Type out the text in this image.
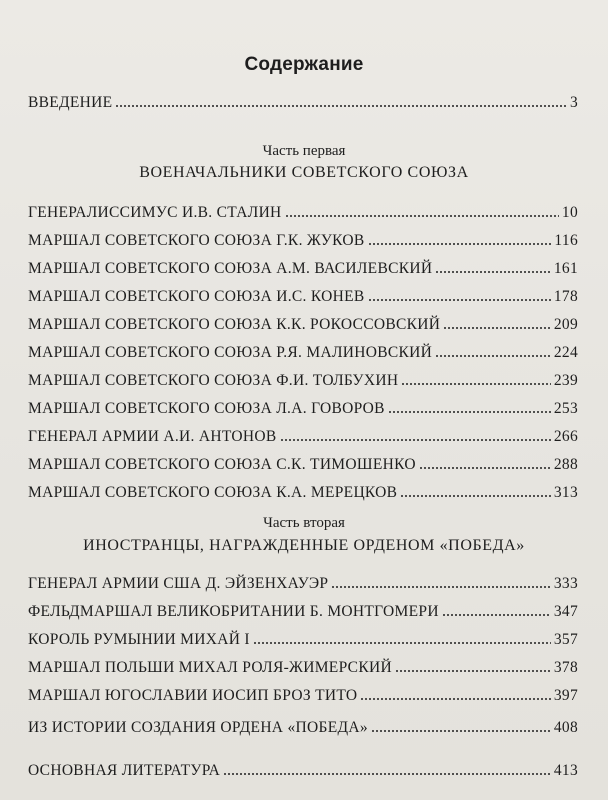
Содержание
ВВЕДЕНИЕ	3
Часть первая
ВОЕНАЧАЛЬНИКИ СОВЕТСКОГО СОЮЗА
ГЕНЕРАЛИССИМУС И.В. СТАЛИН	10
МАРШАЛ СОВЕТСКОГО СОЮЗА Г.К. ЖУКОВ	116
МАРШАЛ СОВЕТСКОГО СОЮЗА А.М. ВАСИЛЕВСКИЙ	161
МАРШАЛ СОВЕТСКОГО СОЮЗА И.С. КОНЕВ	178
МАРШАЛ СОВЕТСКОГО СОЮЗА К.К. РОКОССОВСКИЙ	209
МАРШАЛ СОВЕТСКОГО СОЮЗА Р.Я. МАЛИНОВСКИЙ	224
МАРШАЛ СОВЕТСКОГО СОЮЗА Ф.И. ТОЛБУХИН	239
МАРШАЛ СОВЕТСКОГО СОЮЗА Л.А. ГОВОРОВ	253
ГЕНЕРАЛ АРМИИ А.И. АНТОНОВ	266
МАРШАЛ СОВЕТСКОГО СОЮЗА С.К. ТИМОШЕНКО	288
МАРШАЛ СОВЕТСКОГО СОЮЗА К.А. МЕРЕЦКОВ	313
Часть вторая
ИНОСТРАНЦЫ, НАГРАЖДЕННЫЕ ОРДЕНОМ «ПОБЕДА»
ГЕНЕРАЛ АРМИИ США Д. ЭЙЗЕНХАУЭР	333
ФЕЛЬДМАРШАЛ ВЕЛИКОБРИТАНИИ Б. МОНТГОМЕРИ	347
КОРОЛЬ РУМЫНИИ МИХАЙ I	357
МАРШАЛ ПОЛЬШИ МИХАЛ РОЛЯ-ЖИМЕРСКИЙ	378
МАРШАЛ ЮГОСЛАВИИ ИОСИП БРОЗ ТИТО	397
ИЗ ИСТОРИИ СОЗДАНИЯ ОРДЕНА «ПОБЕДА»	408
ОСНОВНАЯ ЛИТЕРАТУРА	413
